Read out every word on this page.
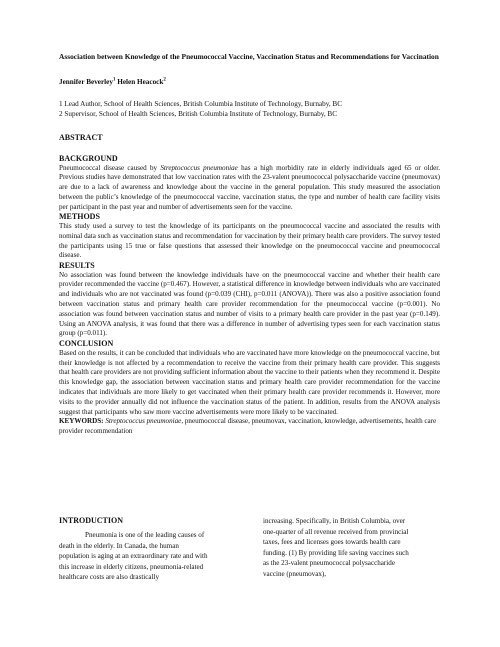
Association between Knowledge of the Pneumococcal Vaccine, Vaccination Status and Recommendations for Vaccination
Jennifer Beverley$^1$ Helen Heacock$^2$
1 Lead Author, School of Health Sciences, British Columbia Institute of Technology, Burnaby, BC
2 Supervisor, School of Health Sciences, British Columbia Institute of Technology, Burnaby, BC
ABSTRACT
BACKGROUND

Pneumococcal disease caused by Streptococcus pneumoniae has a high morbidity rate in elderly individuals aged 65 or older. Previous studies have demonstrated that low vaccination rates with the 23-valent pneumococcal polysaccharide vaccine (pneumovax) are due to a lack of awareness and knowledge about the vaccine in the general population. This study measured the association between the public’s knowledge of the pneumococcal vaccine, vaccination status, the type and number of health care facility visits per participant in the past year and number of advertisements seen for the vaccine.

METHODS

This study used a survey to test the knowledge of its participants on the pneumococcal vaccine and associated the results with nominal data such as vaccination status and recommendation for vaccination by their primary health care providers. The survey tested the participants using 15 true or false questions that assessed their knowledge on the pneumococcal vaccine and pneumococcal disease.

RESULTS

No association was found between the knowledge individuals have on the pneumococcal vaccine and whether their health care provider recommended the vaccine (p=0.467). However, a statistical difference in knowledge between individuals who are vaccinated and individuals who are not vaccinated was found (p=0.039 (CHI), p=0.011 (ANOVA)). There was also a positive association found between vaccination status and primary health care provider recommendation for the pneumococcal vaccine (p=0.001). No association was found between vaccination status and number of visits to a primary health care provider in the past year (p=0.149). Using an ANOVA analysis, it was found that there was a difference in number of advertising types seen for each vaccination status group (p=0.011).

CONCLUSION

Based on the results, it can be concluded that individuals who are vaccinated have more knowledge on the pneumococcal vaccine, but their knowledge is not affected by a recommendation to receive the vaccine from their primary health care provider. This suggests that health care providers are not providing sufficient information about the vaccine to their patients when they recommend it. Despite this knowledge gap, the association between vaccination status and primary health care provider recommendation for the vaccine indicates that individuals are more likely to get vaccinated when their primary health care provider recommends it. However, more visits to the provider annually did not influence the vaccination status of the patient. In addition, results from the ANOVA analysis suggest that participants who saw more vaccine advertisements were more likely to be vaccinated.

KEYWORDS: Streptococcus pneumoniae, pneumococcal disease, pneumovax, vaccination, knowledge, advertisements, health care provider recommendation

INTRODUCTION

Pneumonia is one of the leading causes of death in the elderly. In Canada, the human population is aging at an extraordinary rate and with this increase in elderly citizens, pneumonia-related healthcare costs are also drastically

increasing. Specifically, in British Columbia, over one-quarter of all revenue received from provincial taxes, fees and licenses goes towards health care funding. (1) By providing life saving vaccines such as the 23-valent pneumococcal polysaccharide vaccine (pneumovax),
